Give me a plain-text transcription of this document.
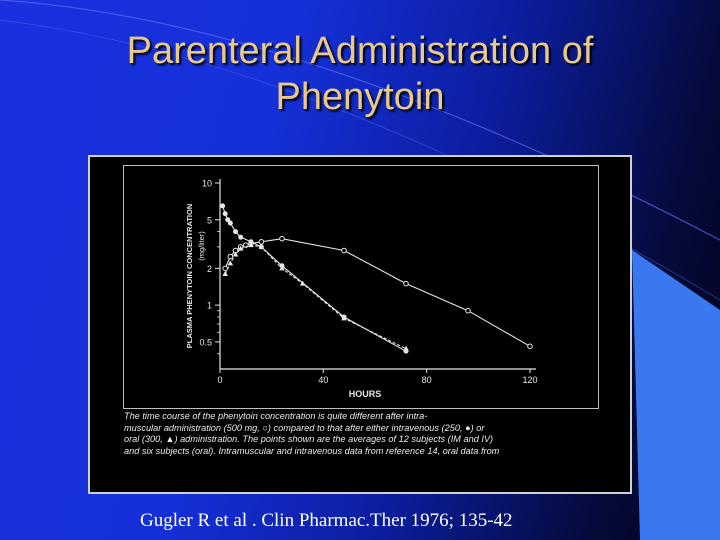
Parenteral Administration of
Phenytoin
10
5
2
1
0.5
0	40	80	120
HOURS
PLASMA PHENYTOIN CONCENTRATION (mg/liter)
The time course of the phenytoin concentration is quite different after intra-
muscular administration (500 mg, ○) compared to that after either intravenous (250, ●) or
oral (300, ▲) administration. The points shown are the averages of 12 subjects (IM and IV)
and six subjects (oral). Intramuscular and intravenous data from reference 14, oral data from
Gugler R et al . Clin Pharmac.Ther 1976; 135-42
